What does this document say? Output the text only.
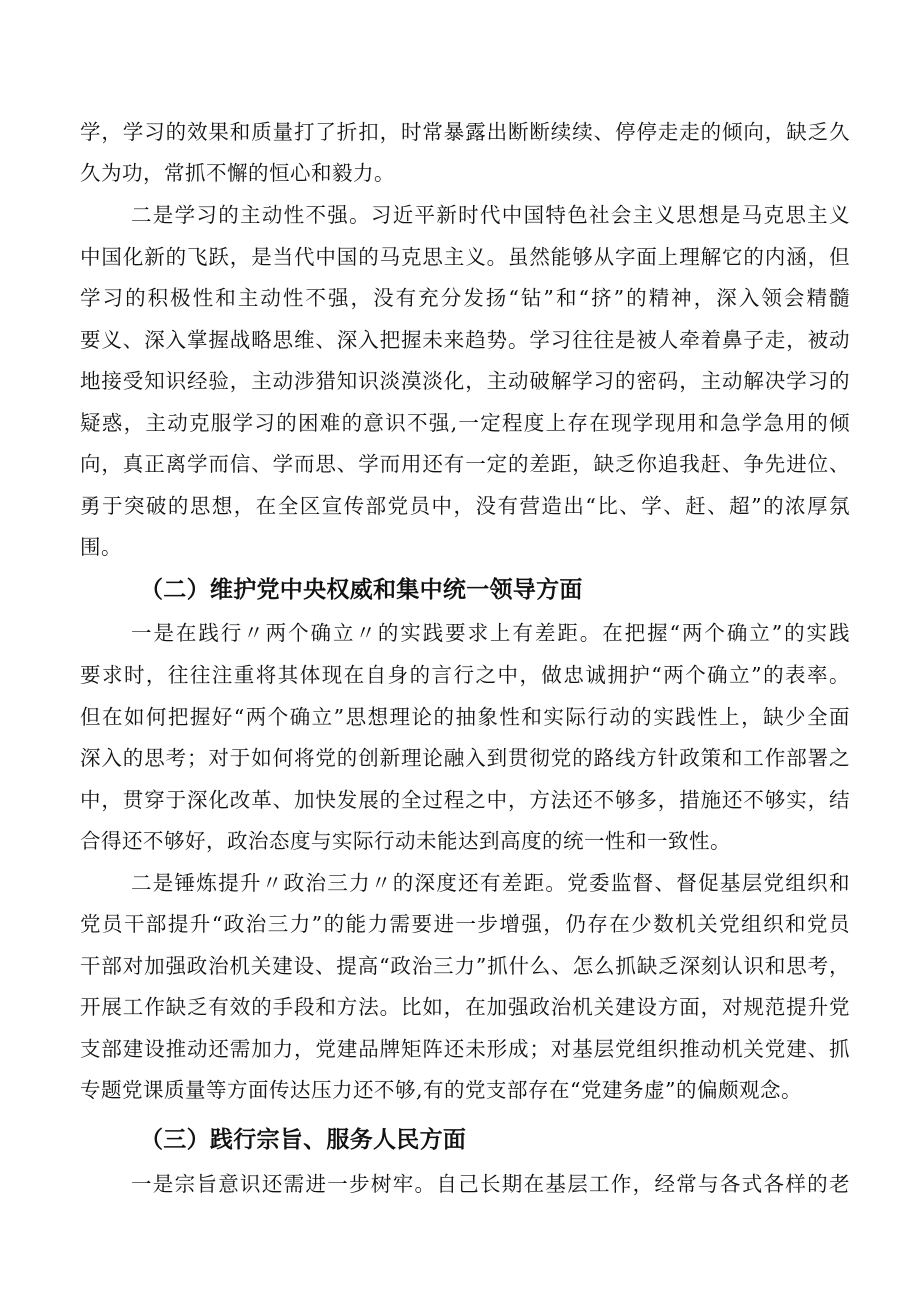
学，学习的效果和质量打了折扣，时常暴露出断断续续、停停走走的倾向，缺乏久
久为功，常抓不懈的恒心和毅力。
二是学习的主动性不强。习近平新时代中国特色社会主义思想是马克思主义
中国化新的飞跃，是当代中国的马克思主义。虽然能够从字面上理解它的内涵，但
学习的积极性和主动性不强，没有充分发扬“钻”和“挤”的精神，深入领会精髓
要义、深入掌握战略思维、深入把握未来趋势。学习往往是被人牵着鼻子走，被动
地接受知识经验，主动涉猎知识淡漠淡化，主动破解学习的密码，主动解决学习的
疑惑，主动克服学习的困难的意识不强,一定程度上存在现学现用和急学急用的倾
向，真正离学而信、学而思、学而用还有一定的差距，缺乏你追我赶、争先进位、
勇于突破的思想，在全区宣传部党员中，没有营造出“比、学、赶、超”的浓厚氛
围。
（二）维护党中央权威和集中统一领导方面
一是在践行〃两个确立〃的实践要求上有差距。在把握“两个确立”的实践
要求时，往往注重将其体现在自身的言行之中，做忠诚拥护“两个确立”的表率。
但在如何把握好“两个确立”思想理论的抽象性和实际行动的实践性上，缺少全面
深入的思考；对于如何将党的创新理论融入到贯彻党的路线方针政策和工作部署之
中，贯穿于深化改革、加快发展的全过程之中，方法还不够多，措施还不够实，结
合得还不够好，政治态度与实际行动未能达到高度的统一性和一致性。
二是锤炼提升〃政治三力〃的深度还有差距。党委监督、督促基层党组织和
党员干部提升“政治三力”的能力需要进一步增强，仍存在少数机关党组织和党员
干部对加强政治机关建设、提高“政治三力”抓什么、怎么抓缺乏深刻认识和思考，
开展工作缺乏有效的手段和方法。比如，在加强政治机关建设方面，对规范提升党
支部建设推动还需加力，党建品牌矩阵还未形成；对基层党组织推动机关党建、抓
专题党课质量等方面传达压力还不够,有的党支部存在“党建务虚”的偏颇观念。
（三）践行宗旨、服务人民方面
一是宗旨意识还需进一步树牢。自己长期在基层工作，经常与各式各样的老
